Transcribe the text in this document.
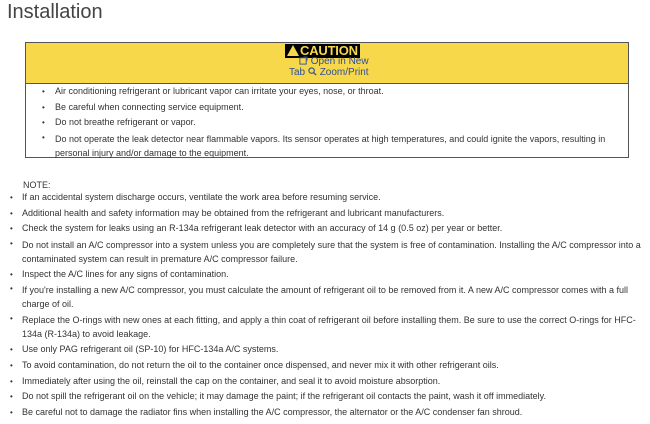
Installation
CAUTION
Open in New
Tab Zoom/Print
• Air conditioning refrigerant or lubricant vapor can irritate your eyes, nose, or throat.
• Be careful when connecting service equipment.
• Do not breathe refrigerant or vapor.
• Do not operate the leak detector near flammable vapors. Its sensor operates at high temperatures, and could ignite the vapors, resulting in personal injury and/or damage to the equipment.
NOTE:
• If an accidental system discharge occurs, ventilate the work area before resuming service.
• Additional health and safety information may be obtained from the refrigerant and lubricant manufacturers.
• Check the system for leaks using an R-134a refrigerant leak detector with an accuracy of 14 g (0.5 oz) per year or better.
• Do not install an A/C compressor into a system unless you are completely sure that the system is free of contamination. Installing the A/C compressor into a contaminated system can result in premature A/C compressor failure.
• Inspect the A/C lines for any signs of contamination.
• If you're installing a new A/C compressor, you must calculate the amount of refrigerant oil to be removed from it. A new A/C compressor comes with a full charge of oil.
• Replace the O-rings with new ones at each fitting, and apply a thin coat of refrigerant oil before installing them. Be sure to use the correct O-rings for HFC-134a (R-134a) to avoid leakage.
• Use only PAG refrigerant oil (SP-10) for HFC-134a A/C systems.
• To avoid contamination, do not return the oil to the container once dispensed, and never mix it with other refrigerant oils.
• Immediately after using the oil, reinstall the cap on the container, and seal it to avoid moisture absorption.
• Do not spill the refrigerant oil on the vehicle; it may damage the paint; if the refrigerant oil contacts the paint, wash it off immediately.
• Be careful not to damage the radiator fins when installing the A/C compressor, the alternator or the A/C condenser fan shroud.
